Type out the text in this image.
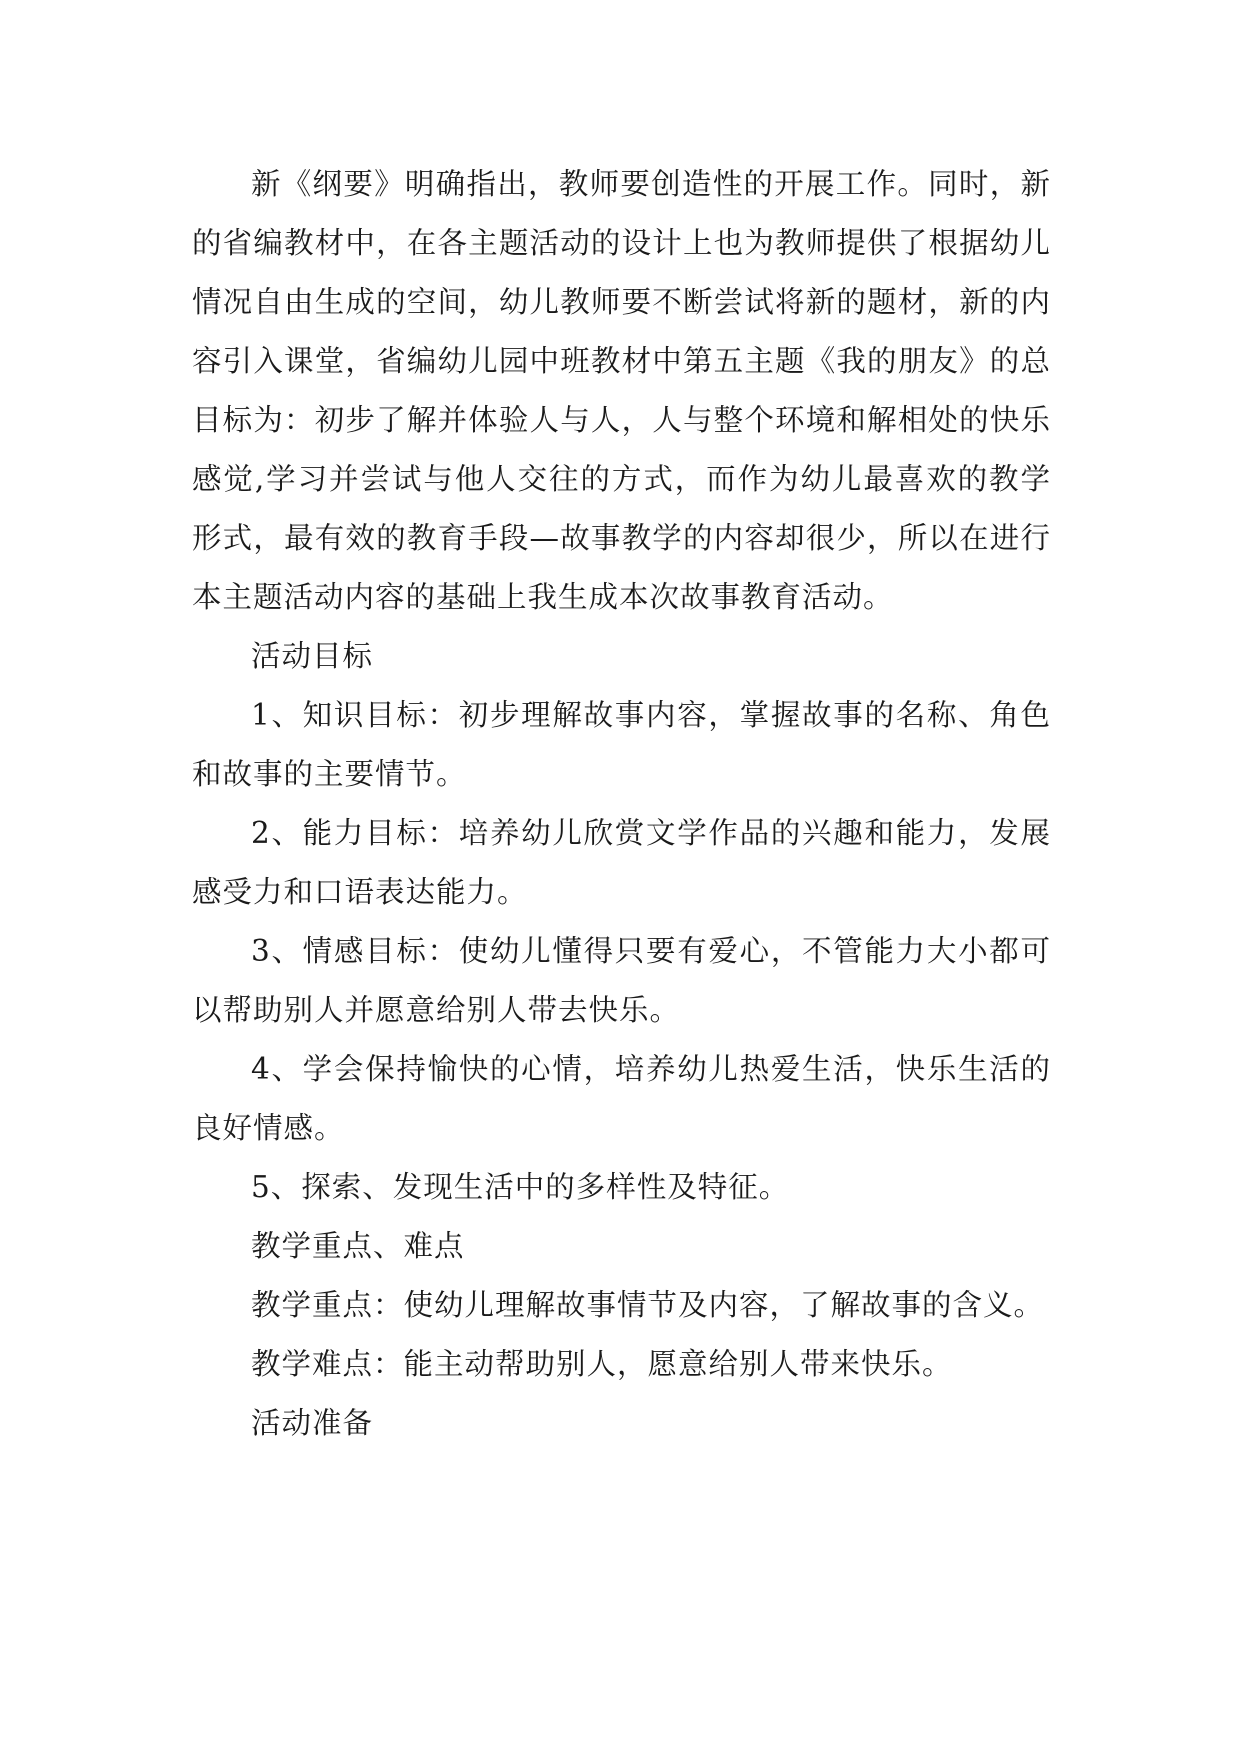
新《纲要》明确指出，教师要创造性的开展工作。同时，新的省编教材中，在各主题活动的设计上也为教师提供了根据幼儿情况自由生成的空间，幼儿教师要不断尝试将新的题材，新的内容引入课堂，省编幼儿园中班教材中第五主题《我的朋友》的总目标为：初步了解并体验人与人，人与整个环境和解相处的快乐感觉,学习并尝试与他人交往的方式，而作为幼儿最喜欢的教学形式，最有效的教育手段—故事教学的内容却很少，所以在进行本主题活动内容的基础上我生成本次故事教育活动。

活动目标

1、知识目标：初步理解故事内容，掌握故事的名称、角色和故事的主要情节。

2、能力目标：培养幼儿欣赏文学作品的兴趣和能力，发展感受力和口语表达能力。

3、情感目标：使幼儿懂得只要有爱心，不管能力大小都可以帮助别人并愿意给别人带去快乐。

4、学会保持愉快的心情，培养幼儿热爱生活，快乐生活的良好情感。

5、探索、发现生活中的多样性及特征。

教学重点、难点

教学重点：使幼儿理解故事情节及内容，了解故事的含义。

教学难点：能主动帮助别人，愿意给别人带来快乐。

活动准备
